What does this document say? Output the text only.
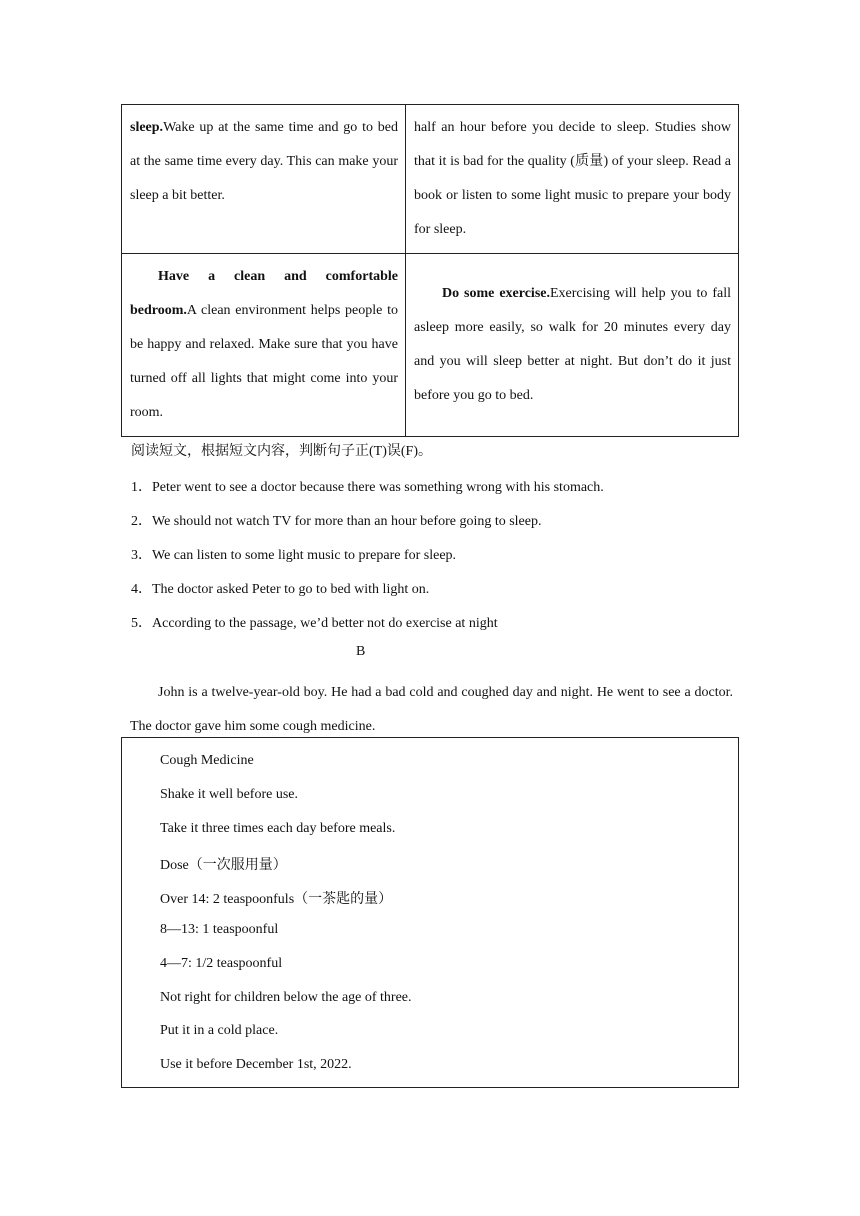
sleep.Wake up at the same time and go to bed at the same time every day. This can make your sleep a bit better.	half an hour before you decide to sleep. Studies show that it is bad for the quality (质量) of your sleep. Read a book or listen to some light music to prepare your body for sleep.
Have a clean and comfortable bedroom.A clean environment helps people to be happy and relaxed. Make sure that you have turned off all lights that might come into your room.	Do some exercise.Exercising will help you to fall asleep more easily, so walk for 20 minutes every day and you will sleep better at night. But don’t do it just before you go to bed.
阅读短文，根据短文内容，判断句子正(T)误(F)。
1．Peter went to see a doctor because there was something wrong with his stomach.
2．We should not watch TV for more than an hour before going to sleep.
3．We can listen to some light music to prepare for sleep.
4．The doctor asked Peter to go to bed with light on.
5．According to the passage, we’d better not do exercise at night
B
John is a twelve-year-old boy. He had a bad cold and coughed day and night. He went to see a doctor. The doctor gave him some cough medicine.
Cough Medicine
Shake it well before use.
Take it three times each day before meals.
Dose（一次服用量）
Over 14: 2 teaspoonfuls（一茶匙的量）
8—13: 1 teaspoonful
4—7: 1/2 teaspoonful
Not right for children below the age of three.
Put it in a cold place.
Use it before December 1st, 2022.
